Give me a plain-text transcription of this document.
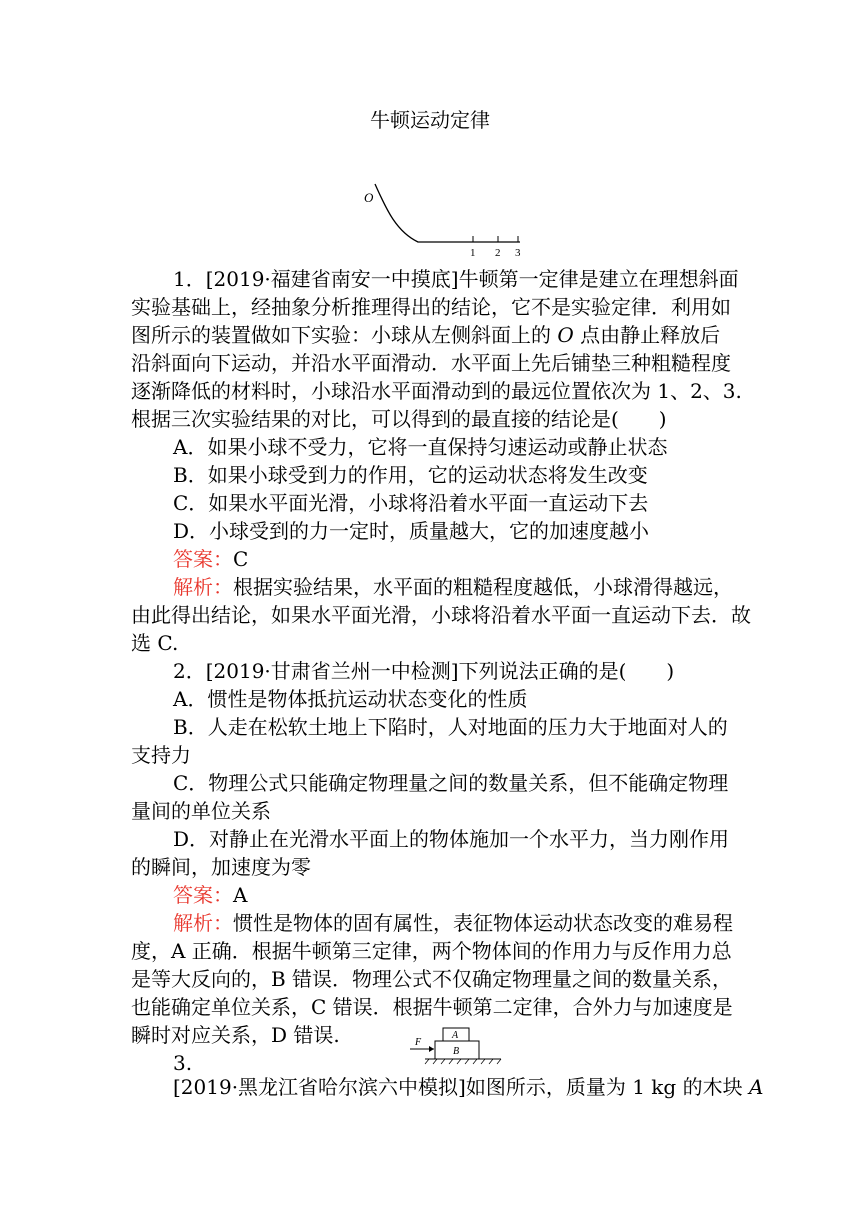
牛顿运动定律
O
1 2 3
1．[2019·福建省南安一中摸底]牛顿第一定律是建立在理想斜面
实验基础上，经抽象分析推理得出的结论，它不是实验定律．利用如
图所示的装置做如下实验：小球从左侧斜面上的 O 点由静止释放后
沿斜面向下运动，并沿水平面滑动．水平面上先后铺垫三种粗糙程度
逐渐降低的材料时，小球沿水平面滑动到的最远位置依次为 1、2、3.
根据三次实验结果的对比，可以得到的最直接的结论是(　　)
A．如果小球不受力，它将一直保持匀速运动或静止状态
B．如果小球受到力的作用，它的运动状态将发生改变
C．如果水平面光滑，小球将沿着水平面一直运动下去
D．小球受到的力一定时，质量越大，它的加速度越小
答案：C
解析：根据实验结果，水平面的粗糙程度越低，小球滑得越远，
由此得出结论，如果水平面光滑，小球将沿着水平面一直运动下去．故
选 C.
2．[2019·甘肃省兰州一中检测]下列说法正确的是(　　)
A．惯性是物体抵抗运动状态变化的性质
B．人走在松软土地上下陷时，人对地面的压力大于地面对人的
支持力
C．物理公式只能确定物理量之间的数量关系，但不能确定物理
量间的单位关系
D．对静止在光滑水平面上的物体施加一个水平力，当力刚作用
的瞬间，加速度为零
答案：A
解析：惯性是物体的固有属性，表征物体运动状态改变的难易程
度，A 正确．根据牛顿第三定律，两个物体间的作用力与反作用力总
是等大反向的，B 错误．物理公式不仅确定物理量之间的数量关系，
也能确定单位关系，C 错误．根据牛顿第二定律，合外力与加速度是
瞬时对应关系，D 错误.
3.
F
A
B
[2019·黑龙江省哈尔滨六中模拟]如图所示，质量为 1 kg 的木块 A
